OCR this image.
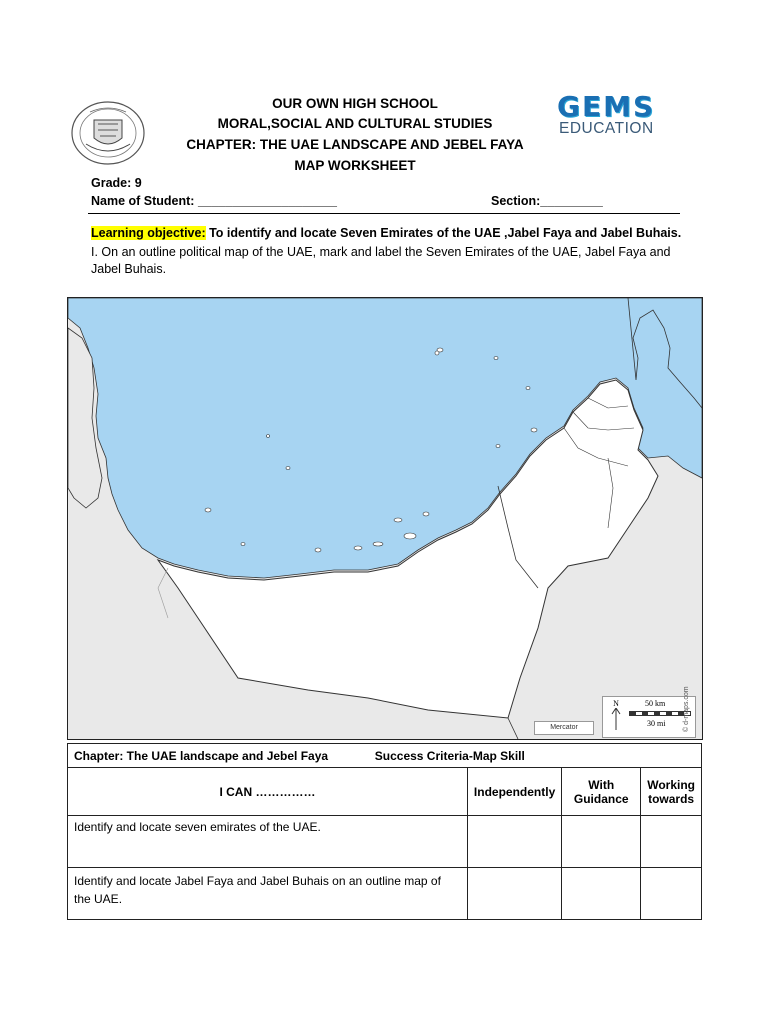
OUR OWN HIGH SCHOOL
MORAL,SOCIAL AND CULTURAL STUDIES
CHAPTER: THE UAE LANDSCAPE AND JEBEL FAYA
MAP WORKSHEET
GEMS
EDUCATION
Grade: 9
Name of Student: ____________________	Section:_________
Learning objective: To identify and locate Seven Emirates of the UAE ,Jabel Faya and Jabel Buhais.
I. On an outline political map of the UAE, mark and label the Seven Emirates of the UAE, Jabel Faya and Jabel Buhais.
N	50 km
30 mi
Mercator	© d-maps.com
Chapter: The UAE landscape and Jebel Faya Success Criteria-Map Skill			
I CAN ……………	Independently	With Guidance	Working towards
Identify and locate seven emirates of the UAE.			
Identify and locate Jabel Faya and Jabel Buhais on an outline map of the UAE.			
